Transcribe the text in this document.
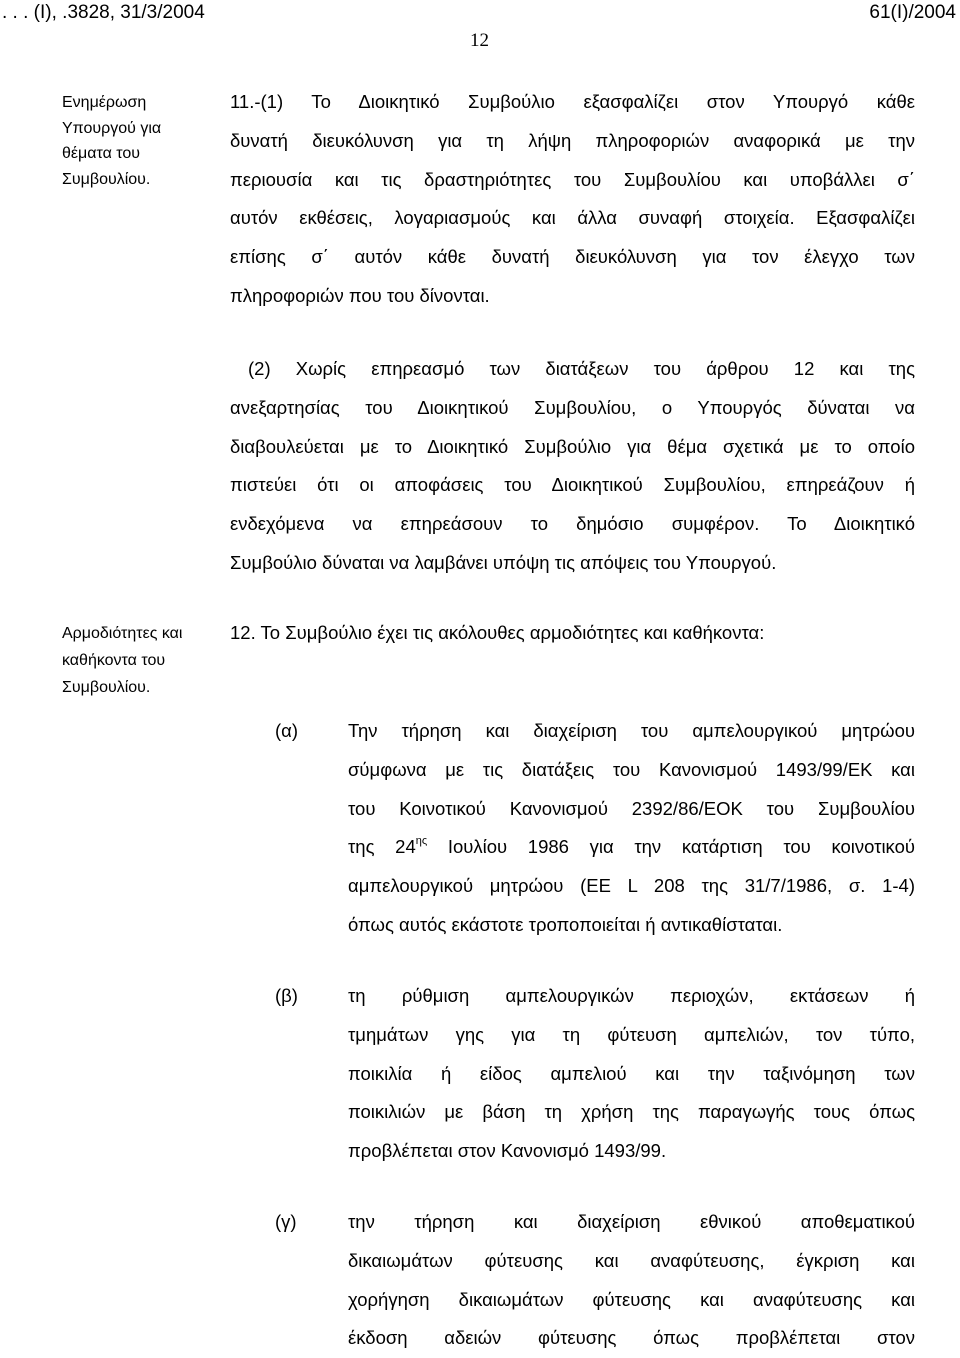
. . . (Ι), .3828, 31/3/2004	61(Ι)/2004
12
Ενημέρωση
Υπουργού για
θέματα του
Συμβουλίου.
11.-(1) Το Διοικητικό Συμβούλιο εξασφαλίζει στον Υπουργό κάθε
δυνατή διευκόλυνση για τη λήψη πληροφοριών αναφορικά με την
περιουσία και τις δραστηριότητες του Συμβουλίου και υποβάλλει σ΄
αυτόν εκθέσεις, λογαριασμούς και άλλα συναφή στοιχεία. Εξασφαλίζει
επίσης σ΄ αυτόν κάθε δυνατή διευκόλυνση για τον έλεγχο των
πληροφοριών που του δίνονται.
(2) Χωρίς επηρεασμό των διατάξεων του άρθρου 12 και της
ανεξαρτησίας του Διοικητικού Συμβουλίου, ο Υπουργός δύναται να
διαβουλεύεται με το Διοικητικό Συμβούλιο για θέμα σχετικά με το οποίο
πιστεύει ότι οι αποφάσεις του Διοικητικού Συμβουλίου, επηρεάζουν ή
ενδεχόμενα να επηρεάσουν το δημόσιο συμφέρον. Το Διοικητικό
Συμβούλιο δύναται να λαμβάνει υπόψη τις απόψεις του Υπουργού.
Αρμοδιότητες και
καθήκοντα του
Συμβουλίου.
12. Το Συμβούλιο έχει τις ακόλουθες αρμοδιότητες και καθήκοντα:
(α)	Την τήρηση και διαχείριση του αμπελουργικού μητρώου
σύμφωνα με τις διατάξεις του Κανονισμού 1493/99/ΕΚ και
του Κοινοτικού Κανονισμού 2392/86/ΕΟΚ του Συμβουλίου
της $24^{\eta\varsigma}$ Ιουλίου 1986 για την κατάρτιση του κοινοτικού
αμπελουργικού μητρώου (ΕΕ L 208 της 31/7/1986, σ. 1-4)
όπως αυτός εκάστοτε τροποποιείται ή αντικαθίσταται.
(β)	τη ρύθμιση αμπελουργικών περιοχών, εκτάσεων ή
τμημάτων γης για τη φύτευση αμπελιών, τον τύπο,
ποικιλία ή είδος αμπελιού και την ταξινόμηση των
ποικιλιών με βάση τη χρήση της παραγωγής τους όπως
προβλέπεται στον Κανονισμό 1493/99.
(γ)	την τήρηση και διαχείριση εθνικού αποθεματικού
δικαιωμάτων φύτευσης και αναφύτευσης, έγκριση και
χορήγηση δικαιωμάτων φύτευσης και αναφύτευσης και
έκδοση αδειών φύτευσης όπως προβλέπεται στον
